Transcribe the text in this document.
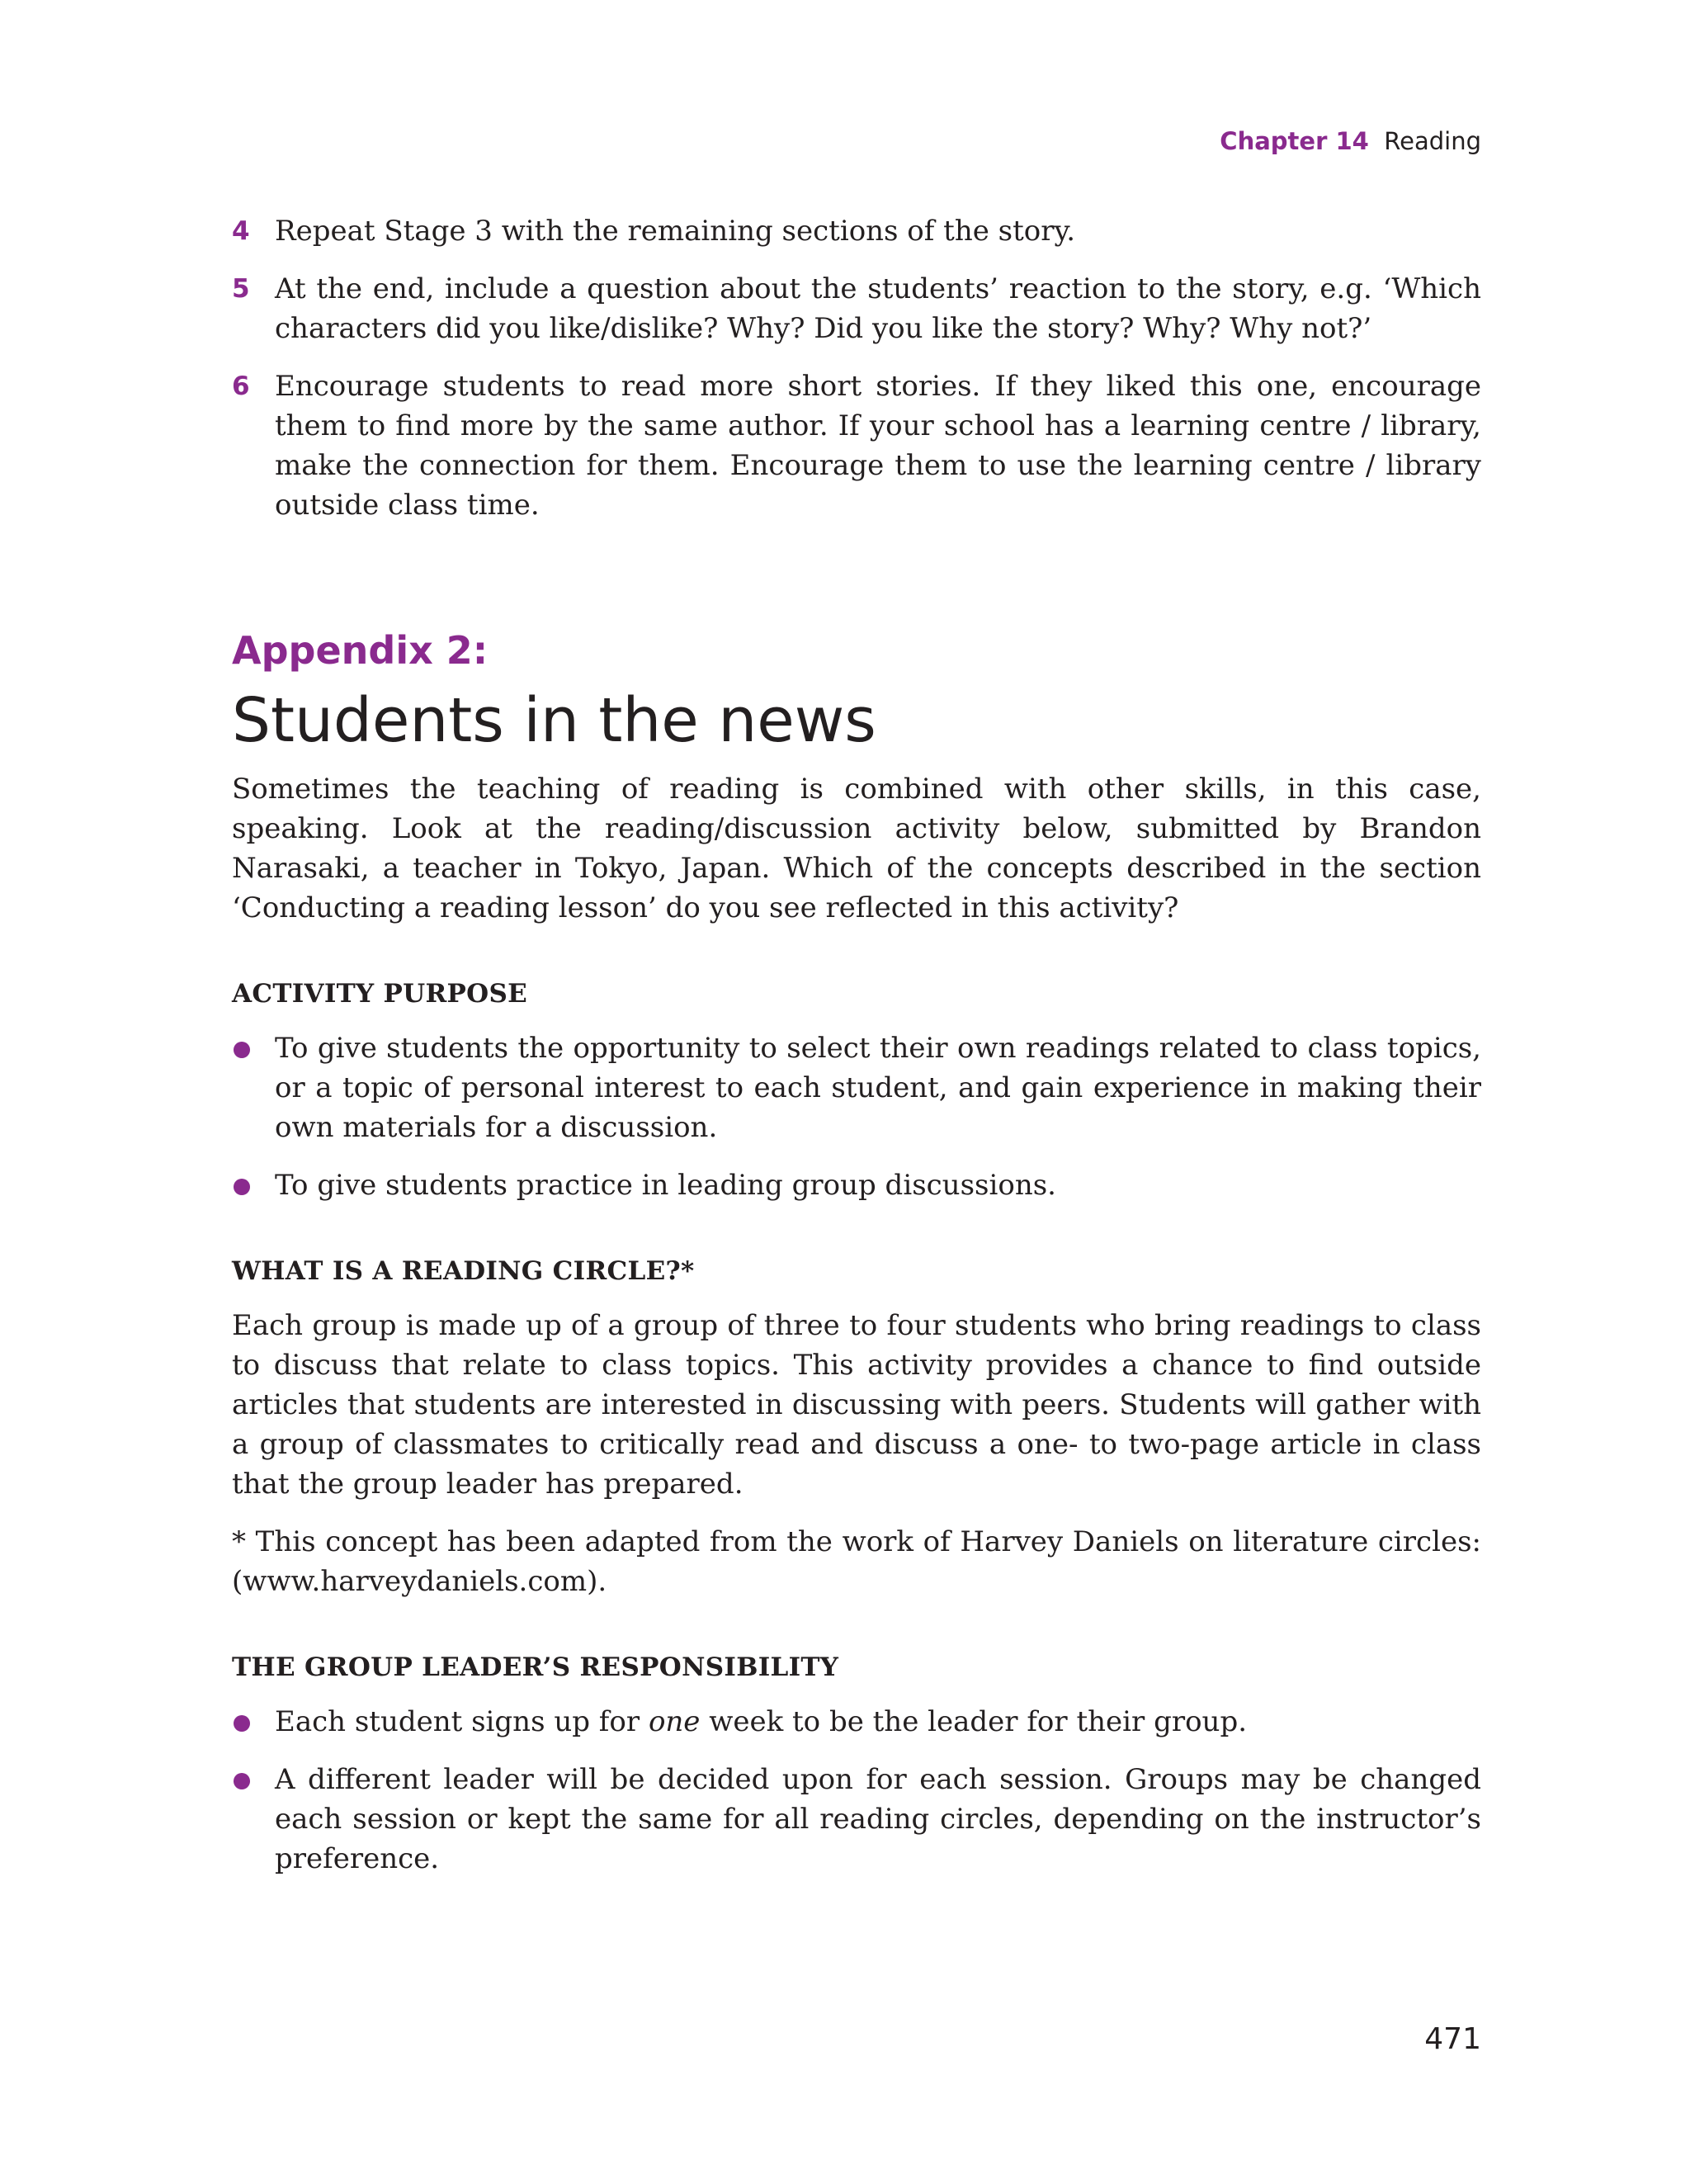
Chapter 14 Reading
4 Repeat Stage 3 with the remaining sections of the story.
5 At the end, include a question about the students’ reaction to the story, e.g. ‘Which characters did you like/dislike? Why? Did you like the story? Why? Why not?’
6 Encourage students to read more short stories. If they liked this one, encourage them to find more by the same author. If your school has a learning centre / library, make the connection for them. Encourage them to use the learning centre / library outside class time.
Appendix 2:
Students in the news

Sometimes the teaching of reading is combined with other skills, in this case, speaking. Look at the reading/discussion activity below, submitted by Brandon Narasaki, a teacher in Tokyo, Japan. Which of the concepts described in the section ‘Conducting a reading lesson’ do you see reflected in this activity?

ACTIVITY PURPOSE
To give students the opportunity to select their own readings related to class topics, or a topic of personal interest to each student, and gain experience in making their own materials for a discussion.
To give students practice in leading group discussions.
WHAT IS A READING CIRCLE?*

Each group is made up of a group of three to four students who bring readings to class to discuss that relate to class topics. This activity provides a chance to find outside articles that students are interested in discussing with peers. Students will gather with a group of classmates to critically read and discuss a one- to two-page article in class that the group leader has prepared.

* This concept has been adapted from the work of Harvey Daniels on literature circles: (www.harveydaniels.com).

THE GROUP LEADER’S RESPONSIBILITY
Each student signs up for one week to be the leader for their group.
A different leader will be decided upon for each session. Groups may be changed each session or kept the same for all reading circles, depending on the instructor’s preference.
471
